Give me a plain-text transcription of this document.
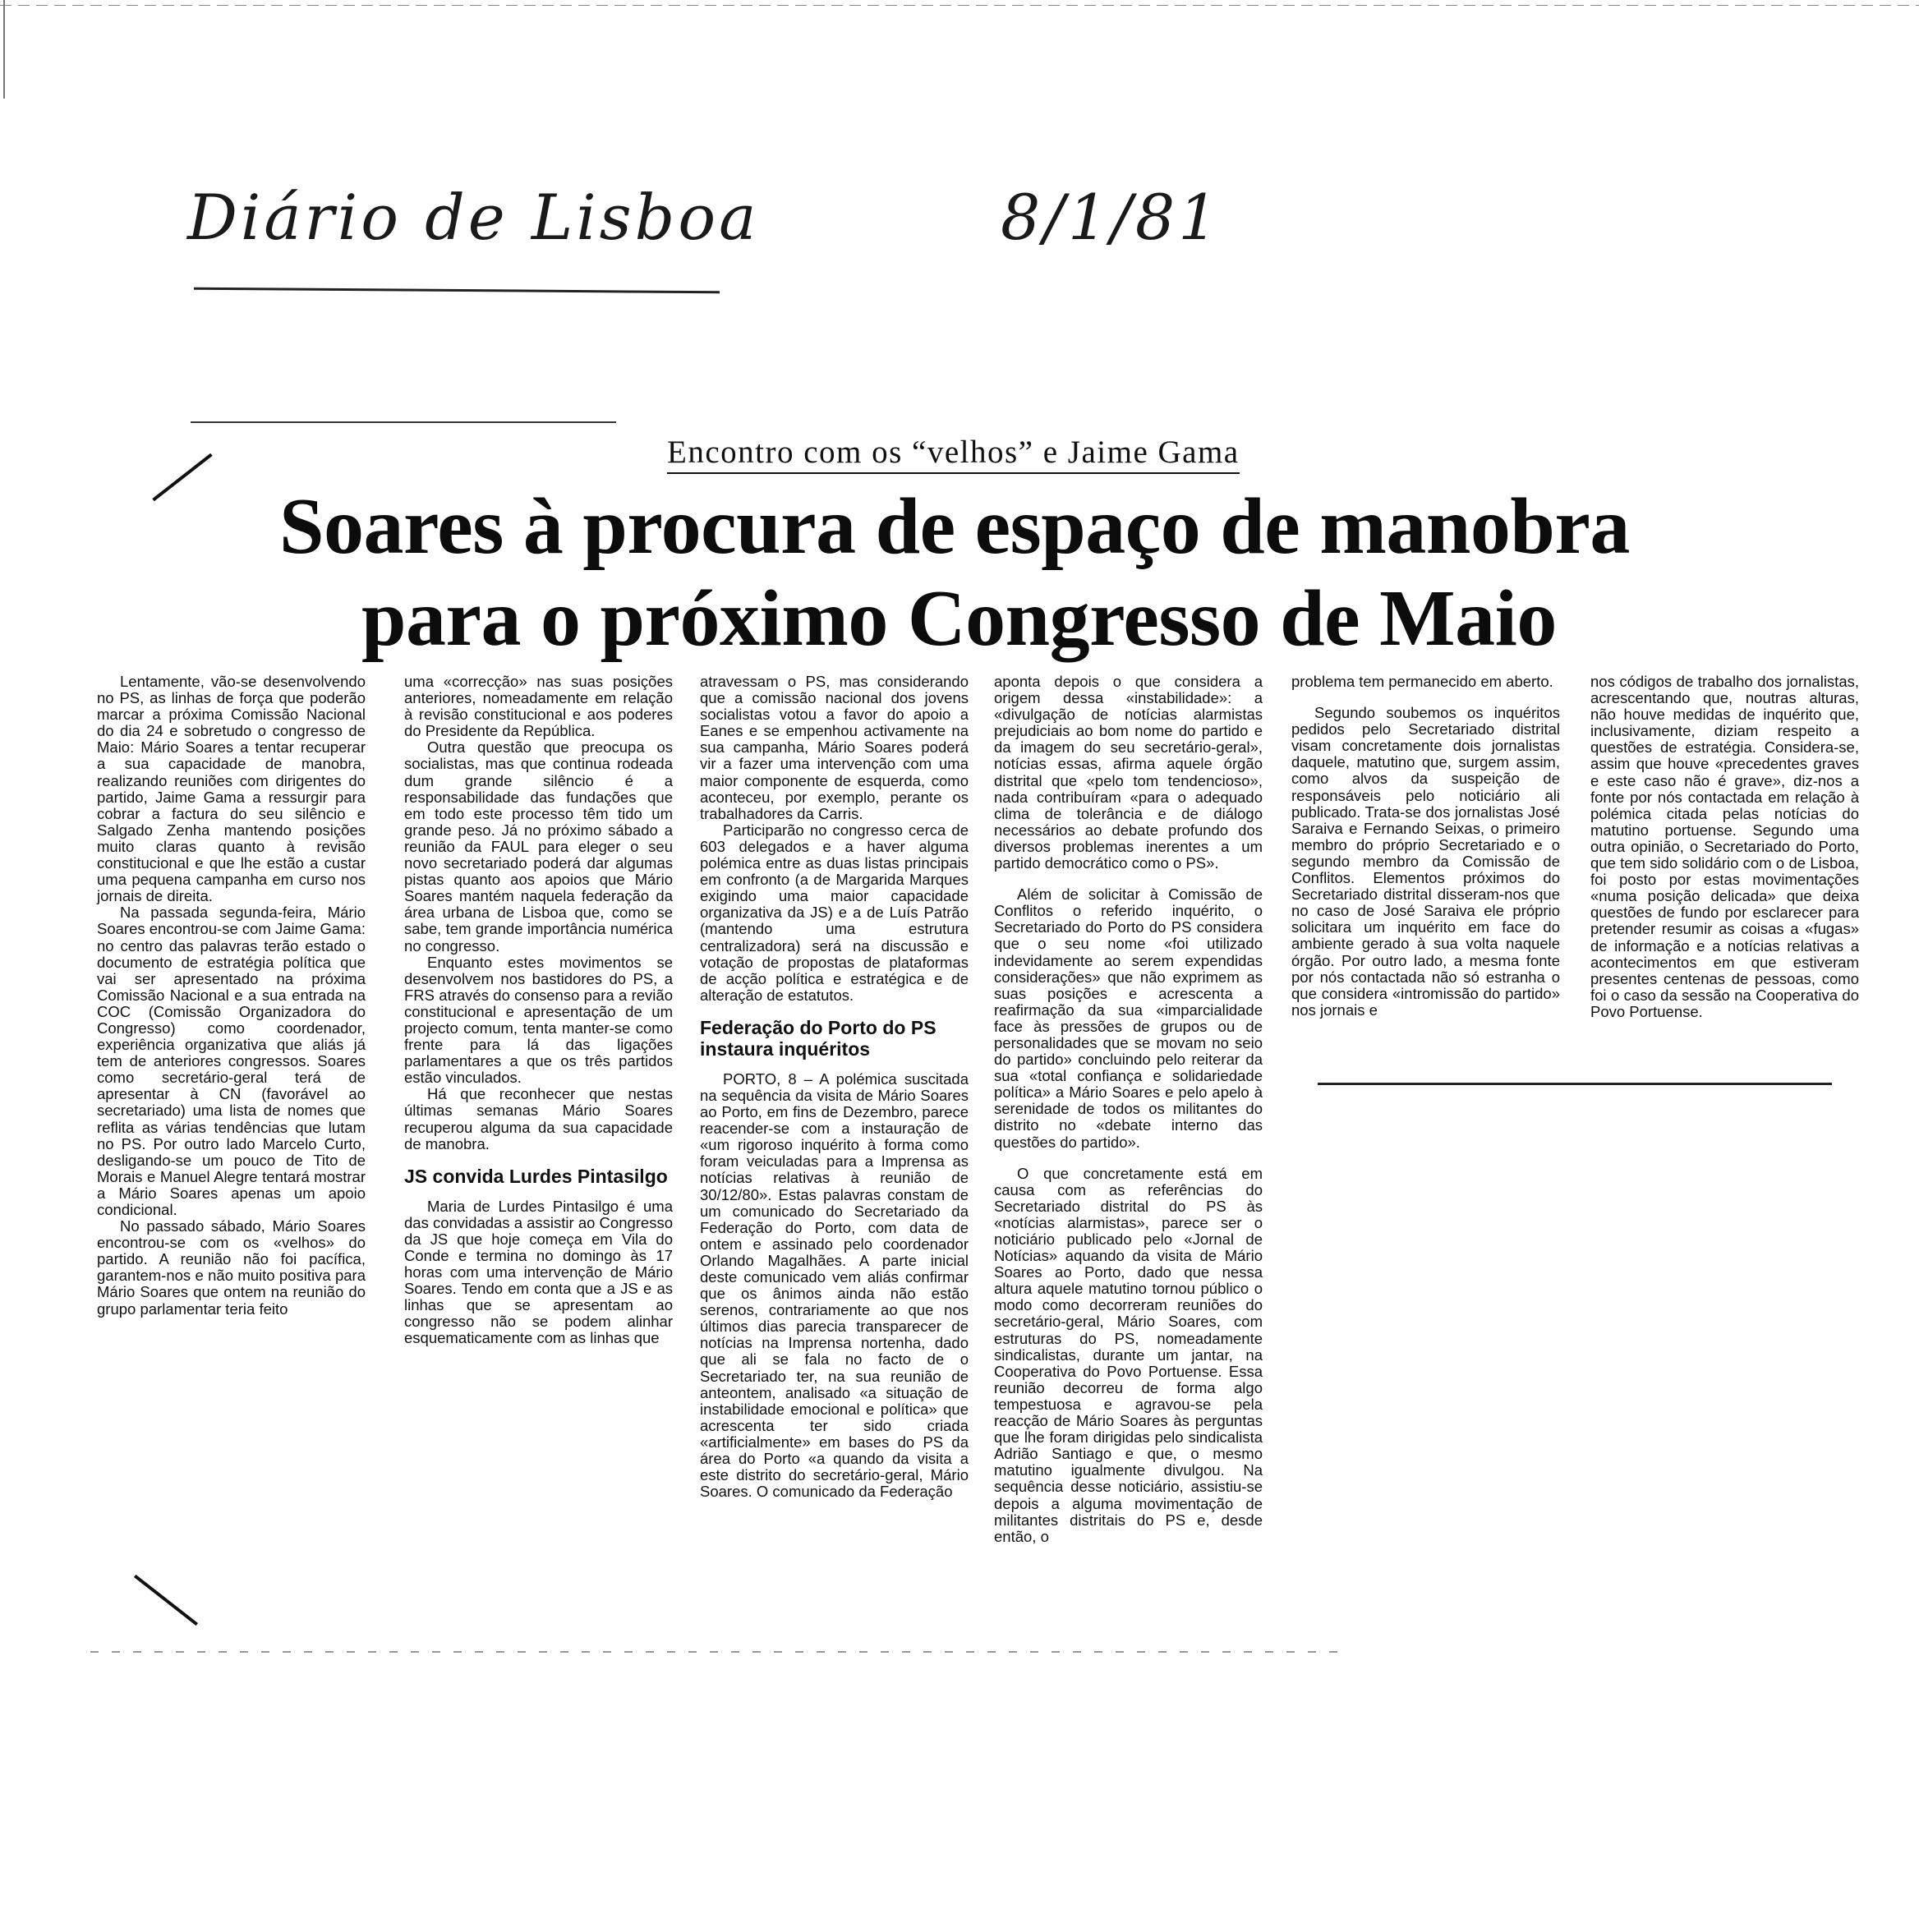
Diário de Lisboa	8/1/81
Encontro com os “velhos” e Jaime Gama
Soares à procura de espaço de manobra
para o próximo Congresso de Maio

Lentamente, vão-se desenvolvendo no PS, as linhas de força que poderão marcar a próxima Comissão Nacional do dia 24 e sobretudo o congresso de Maio: Mário Soares a tentar recuperar a sua capacidade de manobra, realizando reuniões com dirigentes do partido, Jaime Gama a ressurgir para cobrar a factura do seu silêncio e Salgado Zenha mantendo posições muito claras quanto à revisão constitucional e que lhe estão a custar uma pequena campanha em curso nos jornais de direita.

Na passada segunda-feira, Mário Soares encontrou-se com Jaime Gama: no centro das palavras terão estado o documento de estratégia política que vai ser apresentado na próxima Comissão Nacional e a sua entrada na COC (Comissão Organizadora do Congresso) como coordenador, experiência organizativa que aliás já tem de anteriores congressos. Soares como secretário-geral terá de apresentar à CN (favorável ao secretariado) uma lista de nomes que reflita as várias tendências que lutam no PS. Por outro lado Marcelo Curto, desligando-se um pouco de Tito de Morais e Manuel Alegre tentará mostrar a Mário Soares apenas um apoio condicional.

No passado sábado, Mário Soares encontrou-se com os «velhos» do partido. A reunião não foi pacífica, garantem-nos e não muito positiva para Mário Soares que ontem na reunião do grupo parlamentar teria feito

uma «correcção» nas suas posições anteriores, nomeadamente em relação à revisão constitucional e aos poderes do Presidente da República.

Outra questão que preocupa os socialistas, mas que continua rodeada dum grande silêncio é a responsabilidade das fundações que em todo este processo têm tido um grande peso. Já no próximo sábado a reunião da FAUL para eleger o seu novo secretariado poderá dar algumas pistas quanto aos apoios que Mário Soares mantém naquela federação da área urbana de Lisboa que, como se sabe, tem grande importância numérica no congresso.

Enquanto estes movimentos se desenvolvem nos bastidores do PS, a FRS através do consenso para a revião constitucional e apresentação de um projecto comum, tenta manter-se como frente para lá das ligações parlamentares a que os três partidos estão vinculados.

Há que reconhecer que nestas últimas semanas Mário Soares recuperou alguma da sua capacidade de manobra.

JS convida Lurdes Pintasilgo

Maria de Lurdes Pintasilgo é uma das convidadas a assistir ao Congresso da JS que hoje começa em Vila do Conde e termina no domingo às 17 horas com uma intervenção de Mário Soares. Tendo em conta que a JS e as linhas que se apresentam ao congresso não se podem alinhar esquematicamente com as linhas que

atravessam o PS, mas considerando que a comissão nacional dos jovens socialistas votou a favor do apoio a Eanes e se empenhou activamente na sua campanha, Mário Soares poderá vir a fazer uma intervenção com uma maior componente de esquerda, como aconteceu, por exemplo, perante os trabalhadores da Carris.

Participarão no congresso cerca de 603 delegados e a haver alguma polémica entre as duas listas principais em confronto (a de Margarida Marques exigindo uma maior capacidade organizativa da JS) e a de Luís Patrão (mantendo uma estrutura centralizadora) será na discussão e votação de propostas de plataformas de acção política e estratégica e de alteração de estatutos.

Federação do Porto do PS instaura inquéritos

PORTO, 8 – A polémica suscitada na sequência da visita de Mário Soares ao Porto, em fins de Dezembro, parece reacender-se com a instauração de «um rigoroso inquérito à forma como foram veiculadas para a Imprensa as notícias relativas à reunião de 30/12/80». Estas palavras constam de um comunicado do Secretariado da Federação do Porto, com data de ontem e assinado pelo coordenador Orlando Magalhães. A parte inicial deste comunicado vem aliás confirmar que os ânimos ainda não estão serenos, contrariamente ao que nos últimos dias parecia transparecer de notícias na Imprensa nortenha, dado que ali se fala no facto de o Secretariado ter, na sua reunião de anteontem, analisado «a situação de instabilidade emocional e política» que acrescenta ter sido criada «artificialmente» em bases do PS da área do Porto «a quando da visita a este distrito do secretário-geral, Mário Soares. O comunicado da Federação

aponta depois o que considera a origem dessa «instabilidade»: a «divulgação de notícias alarmistas prejudiciais ao bom nome do partido e da imagem do seu secretário-geral», notícias essas, afirma aquele órgão distrital que «pelo tom tendencioso», nada contribuíram «para o adequado clima de tolerância e de diálogo necessários ao debate profundo dos diversos problemas inerentes a um partido democrático como o PS».

Além de solicitar à Comissão de Conflitos o referido inquérito, o Secretariado do Porto do PS considera que o seu nome «foi utilizado indevidamente ao serem expendidas considerações» que não exprimem as suas posições e acrescenta a reafirmação da sua «imparcialidade face às pressões de grupos ou de personalidades que se movam no seio do partido» concluindo pelo reiterar da sua «total confiança e solidariedade política» a Mário Soares e pelo apelo à serenidade de todos os militantes do distrito no «debate interno das questões do partido».

O que concretamente está em causa com as referências do Secretariado distrital do PS às «notícias alarmistas», parece ser o noticiário publicado pelo «Jornal de Notícias» aquando da visita de Mário Soares ao Porto, dado que nessa altura aquele matutino tornou público o modo como decorreram reuniões do secretário-geral, Mário Soares, com estruturas do PS, nomeadamente sindicalistas, durante um jantar, na Cooperativa do Povo Portuense. Essa reunião decorreu de forma algo tempestuosa e agravou-se pela reacção de Mário Soares às perguntas que lhe foram dirigidas pelo sindicalista Adrião Santiago e que, o mesmo matutino igualmente divulgou. Na sequência desse noticiário, assistiu-se depois a alguma movimentação de militantes distritais do PS e, desde então, o

problema tem permanecido em aberto.

Segundo soubemos os inquéritos pedidos pelo Secretariado distrital visam concretamente dois jornalistas daquele, matutino que, surgem assim, como alvos da suspeição de responsáveis pelo noticiário ali publicado. Trata-se dos jornalistas José Saraiva e Fernando Seixas, o primeiro membro do próprio Secretariado e o segundo membro da Comissão de Conflitos. Elementos próximos do Secretariado distrital disseram-nos que no caso de José Saraiva ele próprio solicitara um inquérito em face do ambiente gerado à sua volta naquele órgão. Por outro lado, a mesma fonte por nós contactada não só estranha o que considera «intromissão do partido» nos jornais e

nos códigos de trabalho dos jornalistas, acrescentando que, noutras alturas, não houve medidas de inquérito que, inclusivamente, diziam respeito a questões de estratégia. Considera-se, assim que houve «precedentes graves e este caso não é grave», diz-nos a fonte por nós contactada em relação à polémica citada pelas notícias do matutino portuense. Segundo uma outra opinião, o Secretariado do Porto, que tem sido solidário com o de Lisboa, foi posto por estas movimentações «numa posição delicada» que deixa questões de fundo por esclarecer para pretender resumir as coisas a «fugas» de informação e a notícias relativas a acontecimentos em que estiveram presentes centenas de pessoas, como foi o caso da sessão na Cooperativa do Povo Portuense.
